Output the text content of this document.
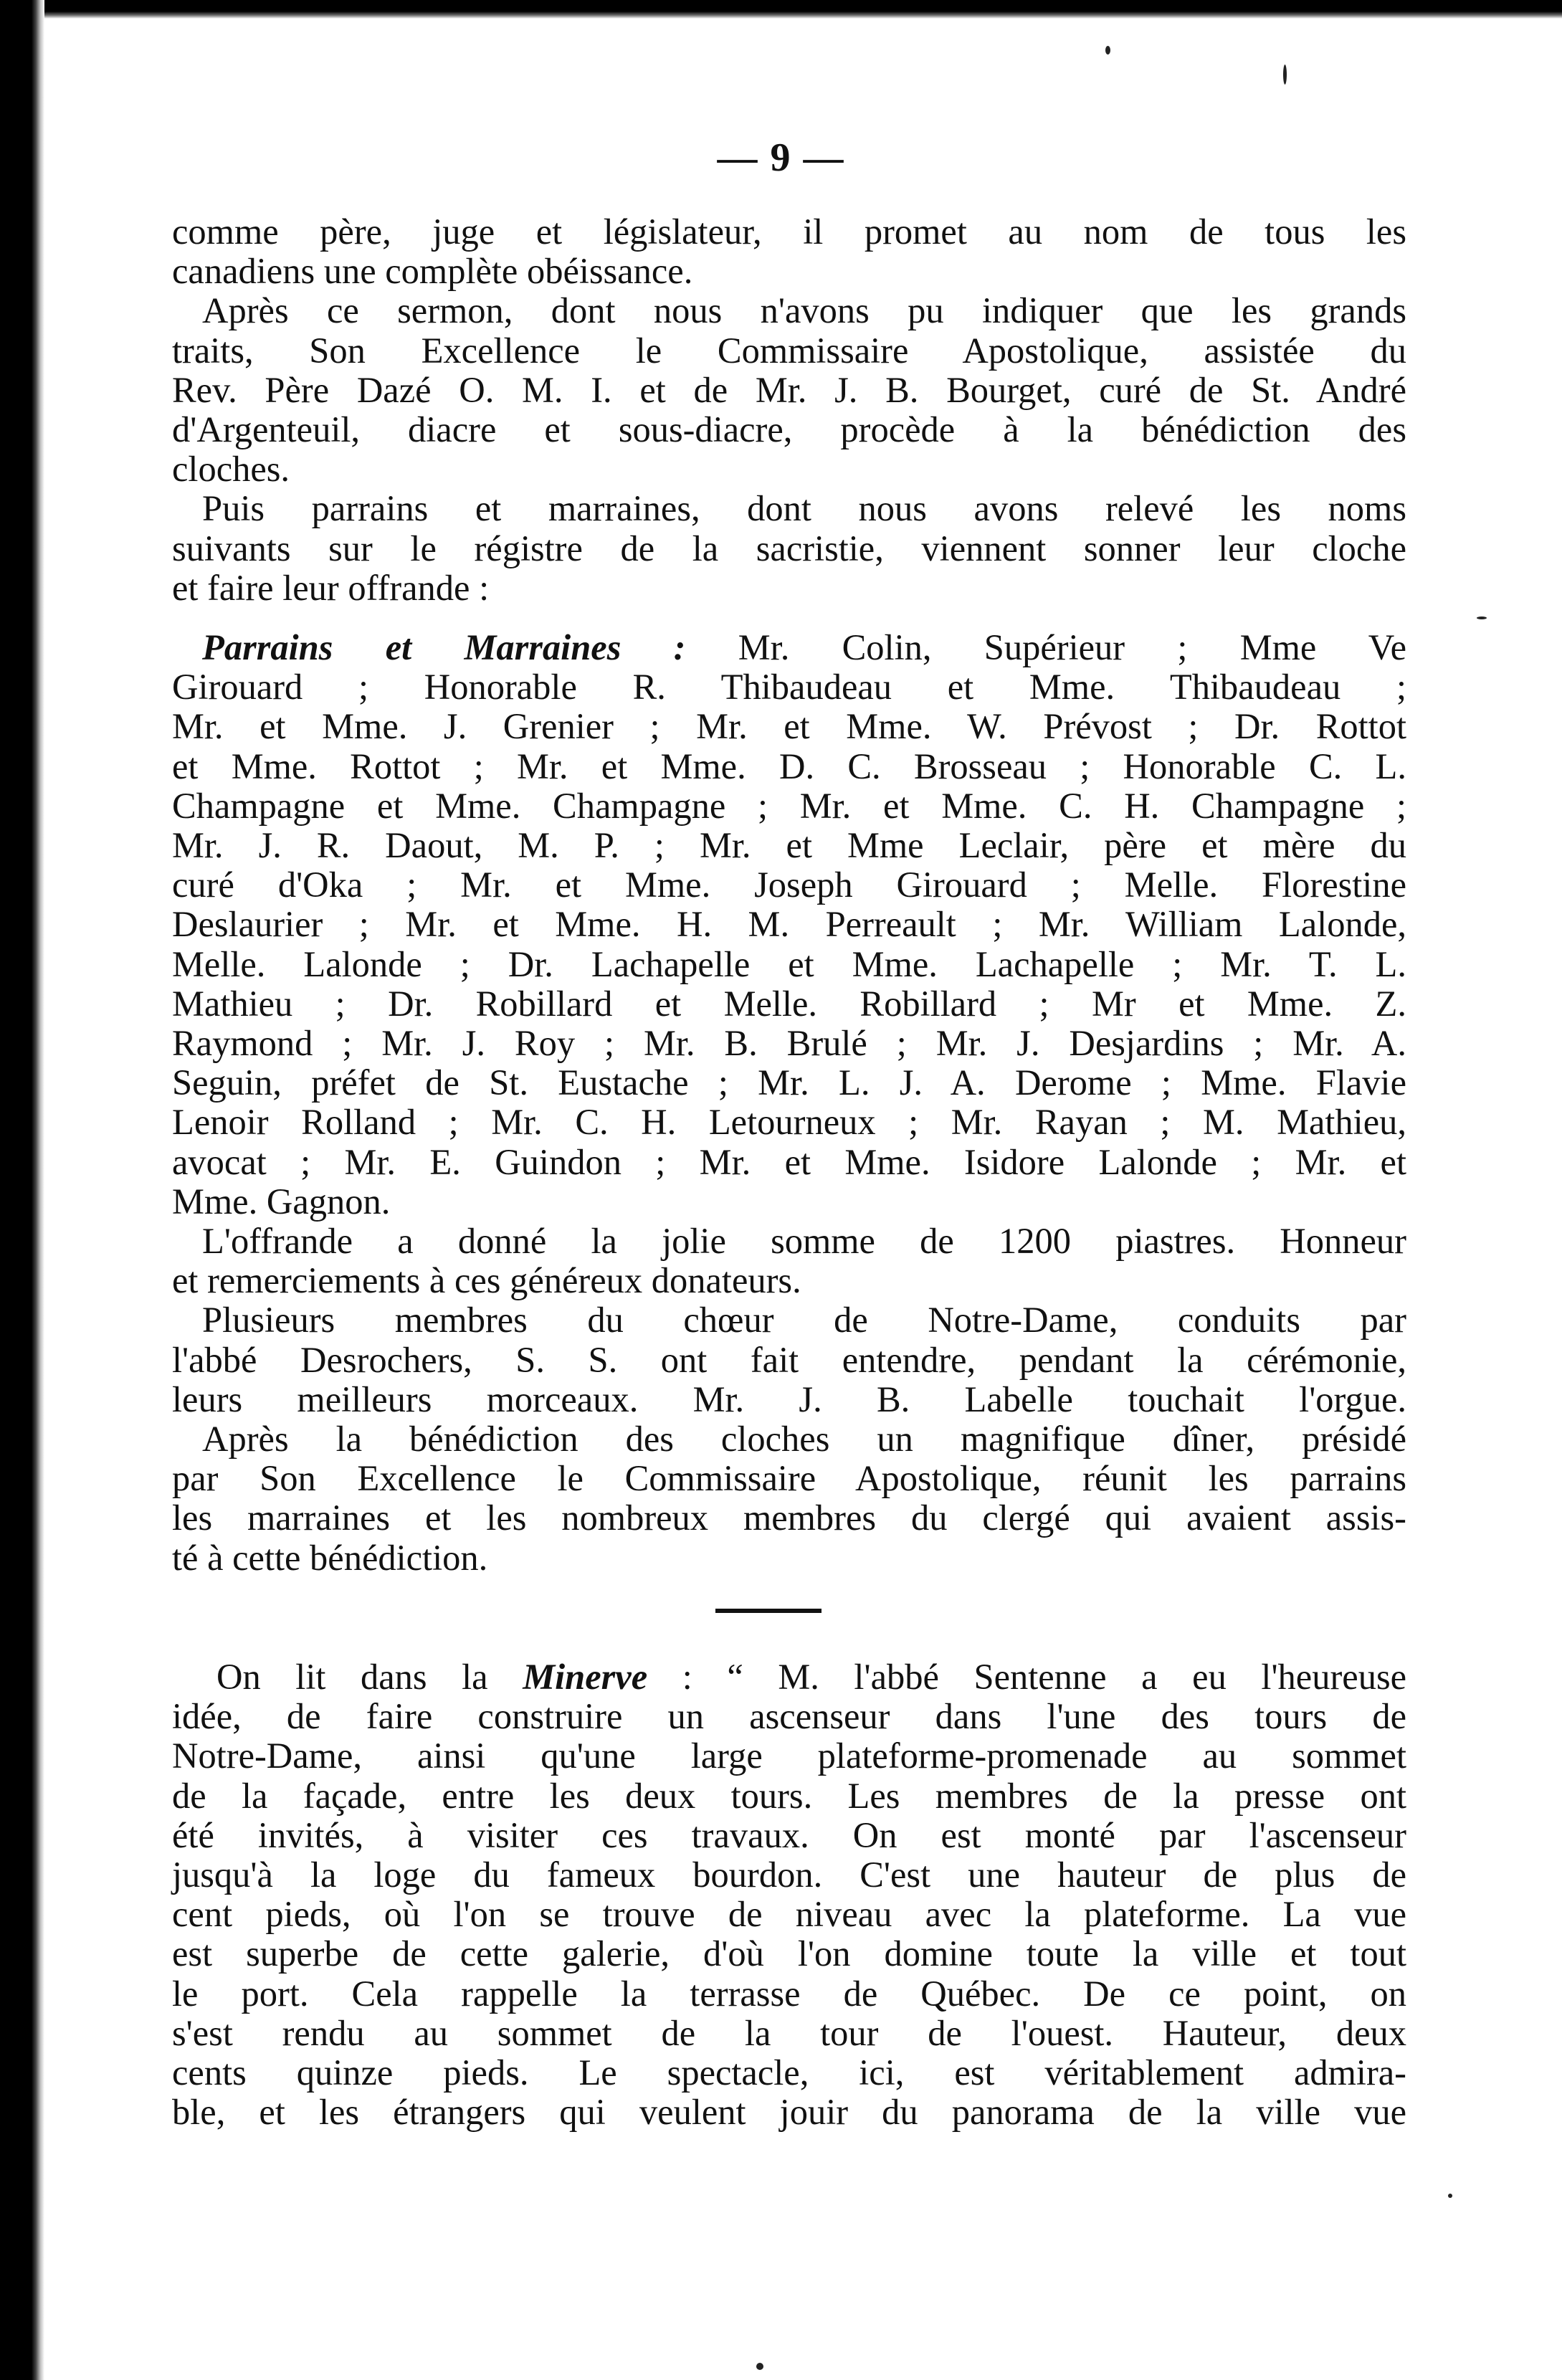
— 9 —
comme père, juge et législateur, il promet au nom de tous les
canadiens une complète obéissance.
Après ce sermon, dont nous n'avons pu indiquer que les grands
traits, Son Excellence le Commissaire Apostolique, assistée du
Rev. Père Dazé O. M. I. et de Mr. J. B. Bourget, curé de St. André
d'Argenteuil, diacre et sous-diacre, procède à la bénédiction des
cloches.
Puis parrains et marraines, dont nous avons relevé les noms
suivants sur le régistre de la sacristie, viennent sonner leur cloche
et faire leur offrande :
Parrains et Marraines : Mr. Colin, Supérieur ; Mme Ve
Girouard ; Honorable R. Thibaudeau et Mme. Thibaudeau ;
Mr. et Mme. J. Grenier ; Mr. et Mme. W. Prévost ; Dr. Rottot
et Mme. Rottot ; Mr. et Mme. D. C. Brosseau ; Honorable C. L.
Champagne et Mme. Champagne ; Mr. et Mme. C. H. Champagne ;
Mr. J. R. Daout, M. P. ; Mr. et Mme Leclair, père et mère du
curé d'Oka ; Mr. et Mme. Joseph Girouard ; Melle. Florestine
Deslaurier ; Mr. et Mme. H. M. Perreault ; Mr. William Lalonde,
Melle. Lalonde ; Dr. Lachapelle et Mme. Lachapelle ; Mr. T. L.
Mathieu ; Dr. Robillard et Melle. Robillard ; Mr et Mme. Z.
Raymond ; Mr. J. Roy ; Mr. B. Brulé ; Mr. J. Desjardins ; Mr. A.
Seguin, préfet de St. Eustache ; Mr. L. J. A. Derome ; Mme. Flavie
Lenoir Rolland ; Mr. C. H. Letourneux ; Mr. Rayan ; M. Mathieu,
avocat ; Mr. E. Guindon ; Mr. et Mme. Isidore Lalonde ; Mr. et
Mme. Gagnon.
L'offrande a donné la jolie somme de 1200 piastres. Honneur
et remerciements à ces généreux donateurs.
Plusieurs membres du chœur de Notre-Dame, conduits par
l'abbé Desrochers, S. S. ont fait entendre, pendant la cérémonie,
leurs meilleurs morceaux. Mr. J. B. Labelle touchait l'orgue.
Après la bénédiction des cloches un magnifique dîner, présidé
par Son Excellence le Commissaire Apostolique, réunit les parrains
les marraines et les nombreux membres du clergé qui avaient assis-
té à cette bénédiction.
On lit dans la Minerve : “ M. l'abbé Sentenne a eu l'heureuse
idée, de faire construire un ascenseur dans l'une des tours de
Notre-Dame, ainsi qu'une large plateforme-promenade au sommet
de la façade, entre les deux tours. Les membres de la presse ont
été invités, à visiter ces travaux. On est monté par l'ascenseur
jusqu'à la loge du fameux bourdon. C'est une hauteur de plus de
cent pieds, où l'on se trouve de niveau avec la plateforme. La vue
est superbe de cette galerie, d'où l'on domine toute la ville et tout
le port. Cela rappelle la terrasse de Québec. De ce point, on
s'est rendu au sommet de la tour de l'ouest. Hauteur, deux
cents quinze pieds. Le spectacle, ici, est véritablement admira-
ble, et les étrangers qui veulent jouir du panorama de la ville vue
